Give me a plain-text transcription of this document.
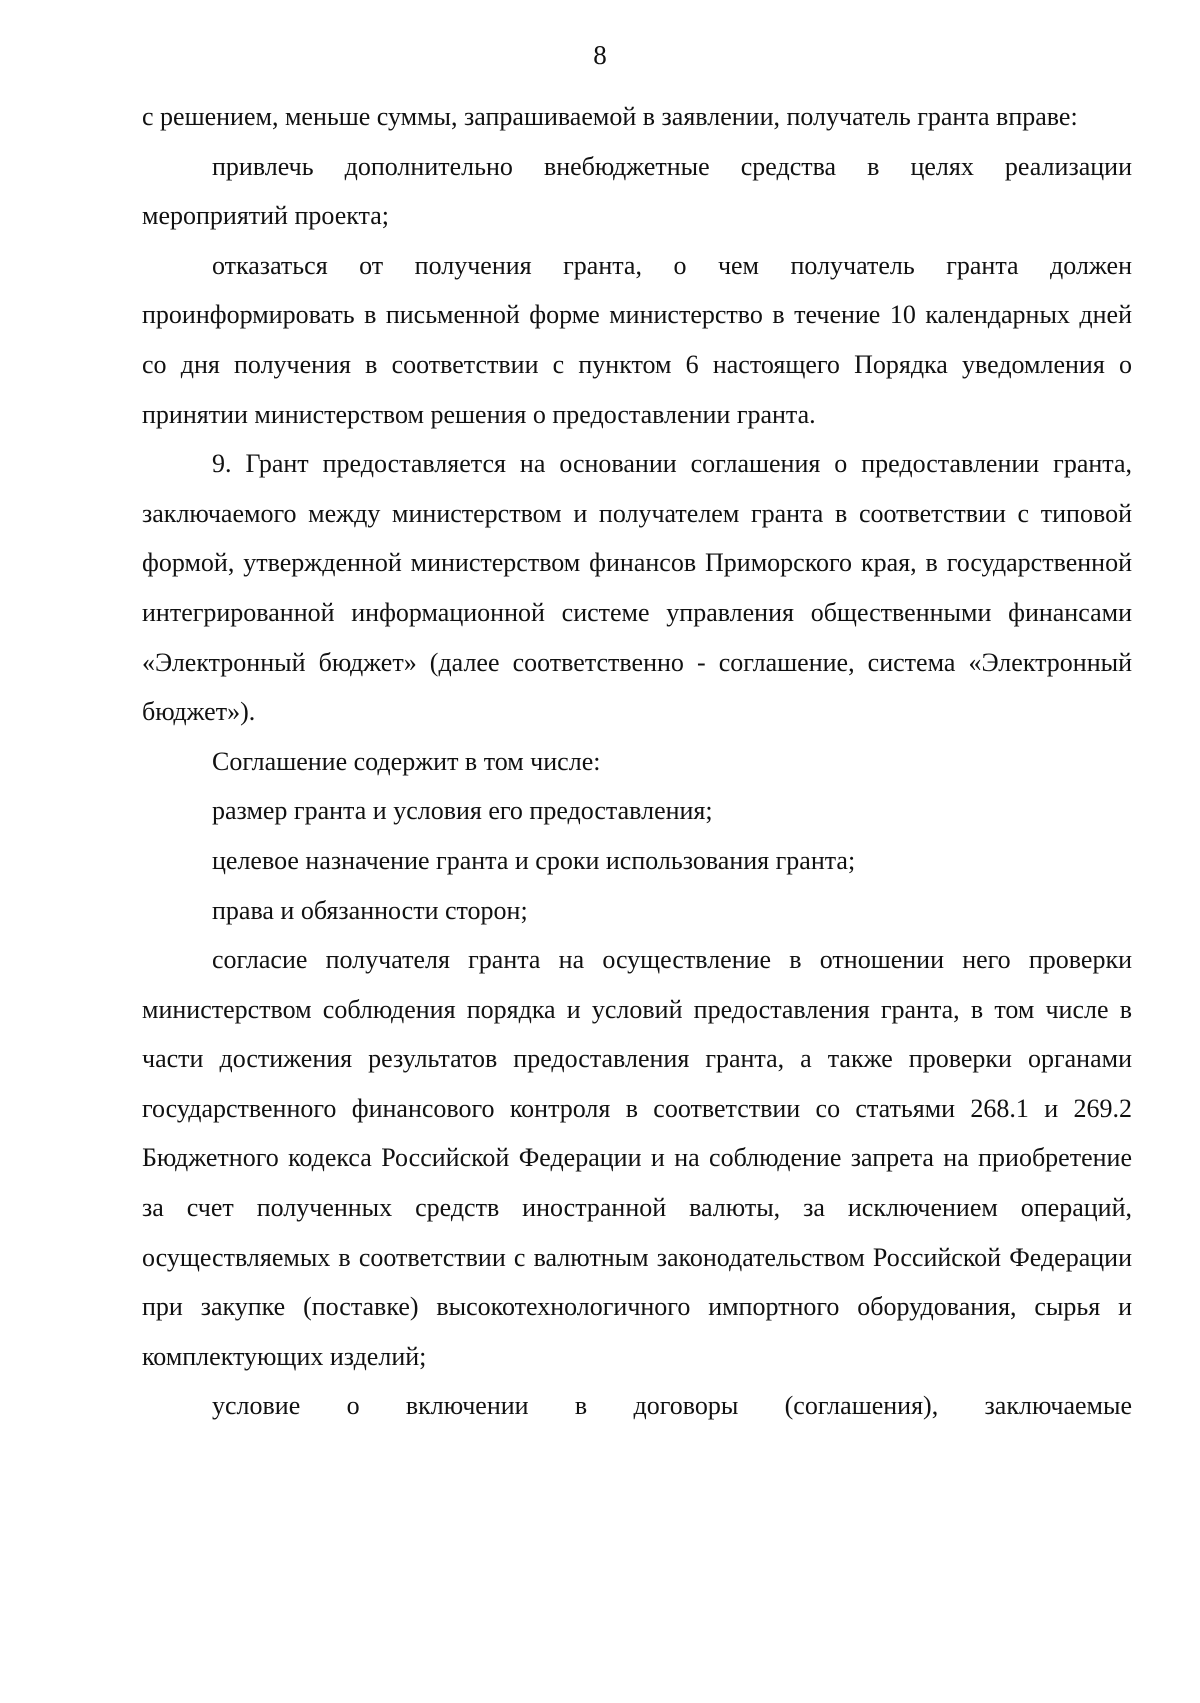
8

с решением, меньше суммы, запрашиваемой в заявлении, получатель гранта вправе:

привлечь дополнительно внебюджетные средства в целях реализации мероприятий проекта;

отказаться от получения гранта, о чем получатель гранта должен проинформировать в письменной форме министерство в течение 10 календарных дней со дня получения в соответствии с пунктом 6 настоящего Порядка уведомления о принятии министерством решения о предоставлении гранта.

9. Грант предоставляется на основании соглашения о предоставлении гранта, заключаемого между министерством и получателем гранта в соответствии с типовой формой, утвержденной министерством финансов Приморского края, в государственной интегрированной информационной системе управления общественными финансами «Электронный бюджет» (далее соответственно - соглашение, система «Электронный бюджет»).

Соглашение содержит в том числе:

размер гранта и условия его предоставления;

целевое назначение гранта и сроки использования гранта;

права и обязанности сторон;

согласие получателя гранта на осуществление в отношении него проверки министерством соблюдения порядка и условий предоставления гранта, в том числе в части достижения результатов предоставления гранта, а также проверки органами государственного финансового контроля в соответствии со статьями 268.1 и 269.2 Бюджетного кодекса Российской Федерации и на соблюдение запрета на приобретение за счет полученных средств иностранной валюты, за исключением операций, осуществляемых в соответствии с валютным законодательством Российской Федерации при закупке (поставке) высокотехнологичного импортного оборудования, сырья и комплектующих изделий;

условие о включении в договоры (соглашения), заключаемые
